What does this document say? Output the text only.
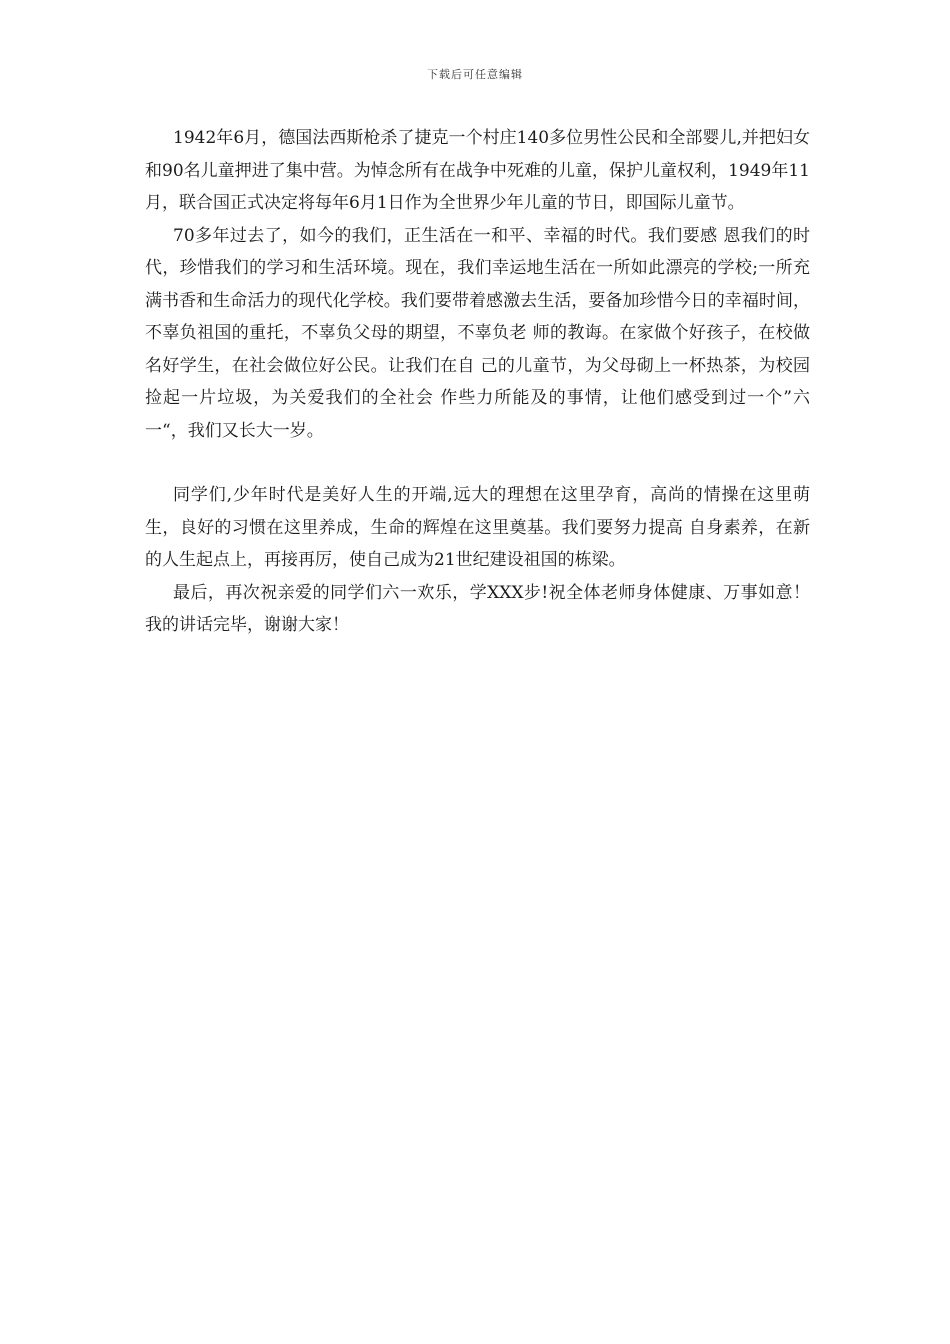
下载后可任意编辑

1942年6月，德国法西斯枪杀了捷克一个村庄140多位男性公民和全部婴儿,并把妇女和90名儿童押进了集中营。为悼念所有在战争中死难的儿童，保护儿童权利，1949年11月，联合国正式决定将每年6月1日作为全世界少年儿童的节日，即国际儿童节。

70多年过去了，如今的我们，正生活在一和平、幸福的时代。我们要感 恩我们的时代，珍惜我们的学习和生活环境。现在，我们幸运地生活在一所如此漂亮的学校;一所充满书香和生命活力的现代化学校。我们要带着感激去生活，要备加珍惜今日的幸福时间，不辜负祖国的重托，不辜负父母的期望，不辜负老 师的教诲。在家做个好孩子，在校做名好学生，在社会做位好公民。让我们在自 己的儿童节，为父母砌上一杯热茶，为校园捡起一片垃圾，为关爱我们的全社会 作些力所能及的事情，让他们感受到过一个”六一“，我们又长大一岁。

同学们,少年时代是美好人生的开端,远大的理想在这里孕育，高尚的情操在这里萌生，良好的习惯在这里养成，生命的辉煌在这里奠基。我们要努力提高 自身素养，在新的人生起点上，再接再厉，使自己成为21世纪建设祖国的栋梁。

最后，再次祝亲爱的同学们六一欢乐，学XXX步!祝全体老师身体健康、万事如意！ 我的讲话完毕，谢谢大家！
